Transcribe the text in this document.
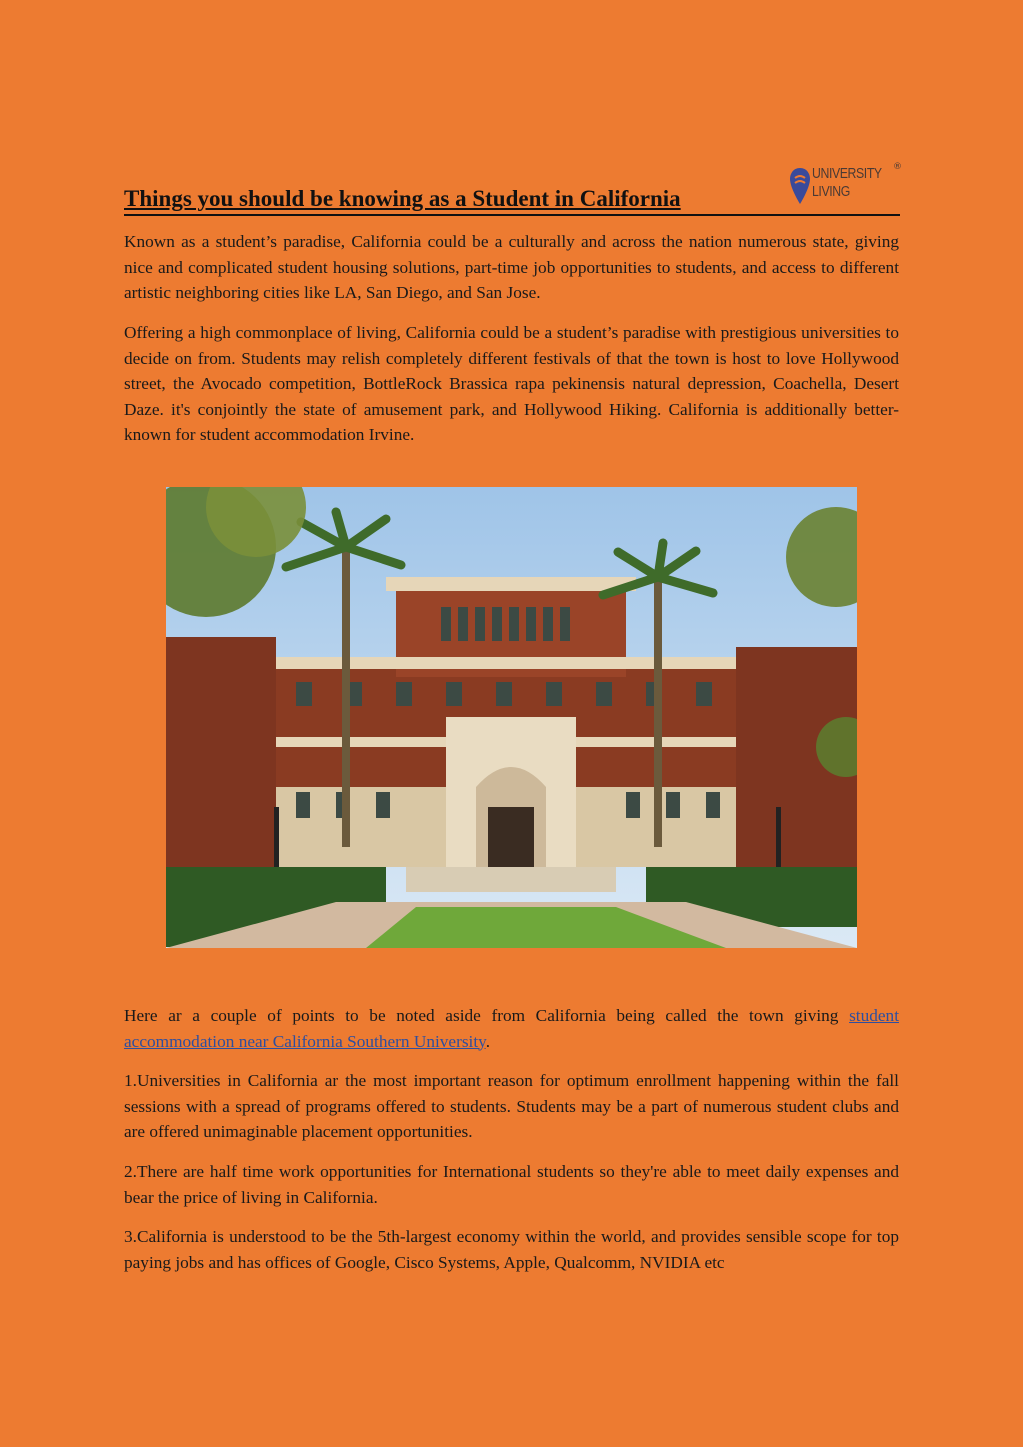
Things you should be knowing as a Student in California
UNIVERSITY
LIVING
®

Known as a student’s paradise, California could be a culturally and across the nation numerous state, giving nice and complicated student housing solutions, part-time job opportunities to students, and access to different artistic neighboring cities like LA, San Diego, and San Jose.

Offering a high commonplace of living, California could be a student’s paradise with prestigious universities to decide on from. Students may relish completely different festivals of that the town is host to love Hollywood street, the Avocado competition, BottleRock Brassica rapa pekinensis natural depression, Coachella, Desert Daze. it's conjointly the state of amusement park, and Hollywood Hiking. California is additionally better-known for student accommodation Irvine.

Here ar a couple of points to be noted aside from California being called the town giving student accommodation near California Southern University.

1.Universities in California ar the most important reason for optimum enrollment happening within the fall sessions with a spread of programs offered to students. Students may be a part of numerous student clubs and are offered unimaginable placement opportunities.

2.There are half time work opportunities for International students so they're able to meet daily expenses and bear the price of living in California.

3.California is understood to be the 5th-largest economy within the world, and provides sensible scope for top paying jobs and has offices of Google, Cisco Systems, Apple, Qualcomm, NVIDIA etc
